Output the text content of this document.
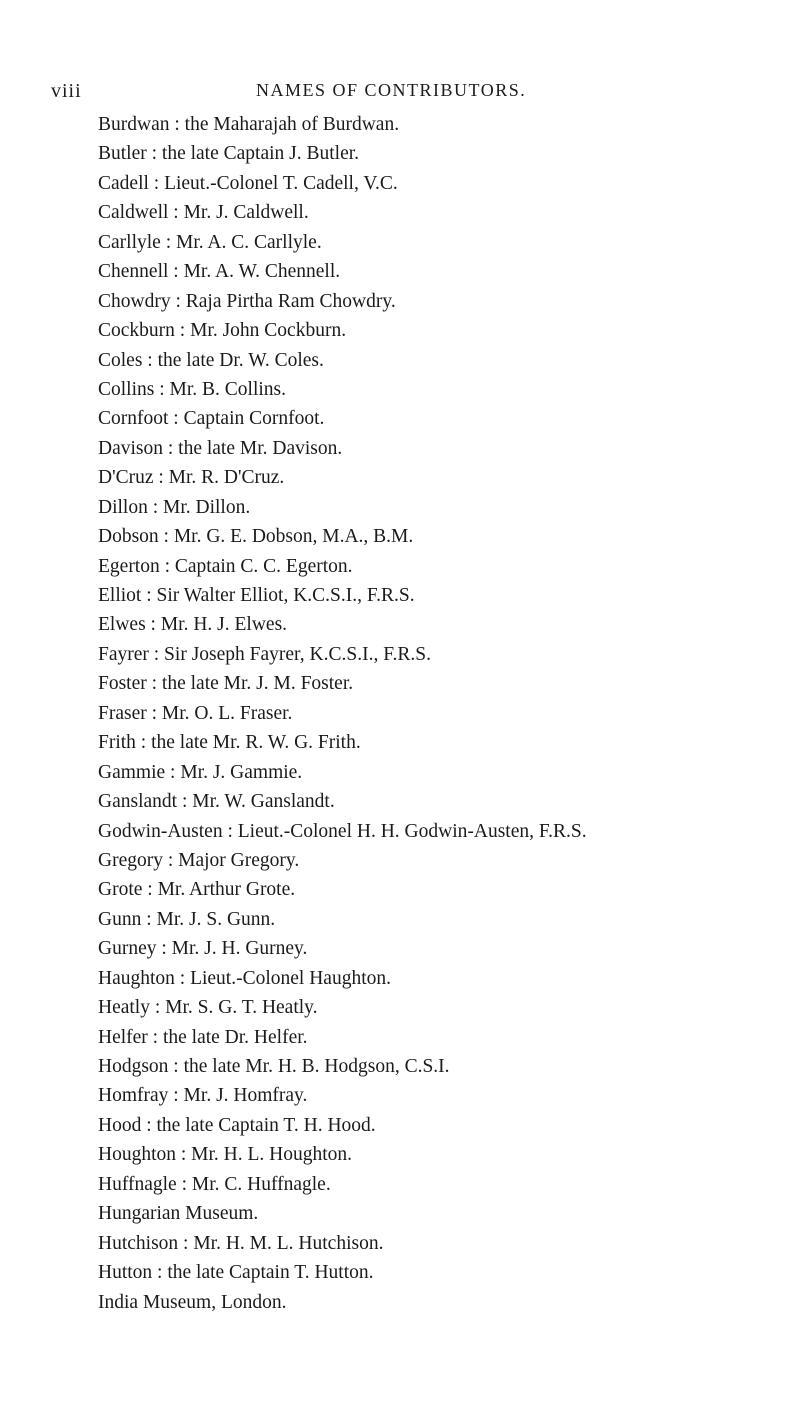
viii	NAMES OF CONTRIBUTORS.
Burdwan : the Maharajah of Burdwan.
Butler : the late Captain J. Butler.
Cadell : Lieut.-Colonel T. Cadell, V.C.
Caldwell : Mr. J. Caldwell.
Carllyle : Mr. A. C. Carllyle.
Chennell : Mr. A. W. Chennell.
Chowdry : Raja Pirtha Ram Chowdry.
Cockburn : Mr. John Cockburn.
Coles : the late Dr. W. Coles.
Collins : Mr. B. Collins.
Cornfoot : Captain Cornfoot.
Davison : the late Mr. Davison.
D'Cruz : Mr. R. D'Cruz.
Dillon : Mr. Dillon.
Dobson : Mr. G. E. Dobson, M.A., B.M.
Egerton : Captain C. C. Egerton.
Elliot : Sir Walter Elliot, K.C.S.I., F.R.S.
Elwes : Mr. H. J. Elwes.
Fayrer : Sir Joseph Fayrer, K.C.S.I., F.R.S.
Foster : the late Mr. J. M. Foster.
Fraser : Mr. O. L. Fraser.
Frith : the late Mr. R. W. G. Frith.
Gammie : Mr. J. Gammie.
Ganslandt : Mr. W. Ganslandt.
Godwin-Austen : Lieut.-Colonel H. H. Godwin-Austen, F.R.S.
Gregory : Major Gregory.
Grote : Mr. Arthur Grote.
Gunn : Mr. J. S. Gunn.
Gurney : Mr. J. H. Gurney.
Haughton : Lieut.-Colonel Haughton.
Heatly : Mr. S. G. T. Heatly.
Helfer : the late Dr. Helfer.
Hodgson : the late Mr. H. B. Hodgson, C.S.I.
Homfray : Mr. J. Homfray.
Hood : the late Captain T. H. Hood.
Houghton : Mr. H. L. Houghton.
Huffnagle : Mr. C. Huffnagle.
Hungarian Museum.
Hutchison : Mr. H. M. L. Hutchison.
Hutton : the late Captain T. Hutton.
India Museum, London.
